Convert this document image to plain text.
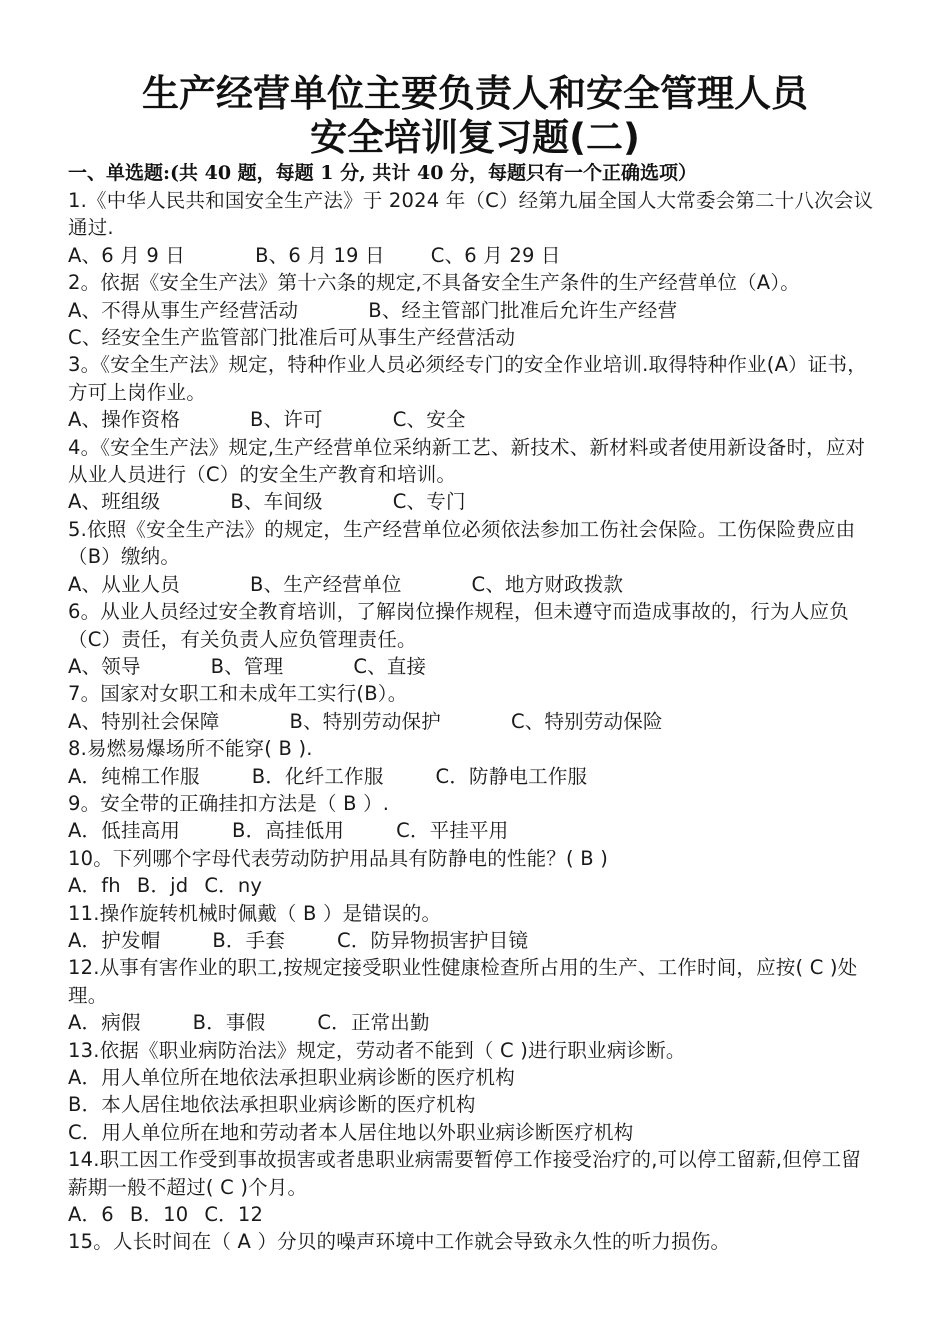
生产经营单位主要负责人和安全管理人员
安全培训复习题(二)
一、单选题:(共 40 题，每题 1 分, 共计 40 分，每题只有一个正确选项）
1.《中华人民共和国安全生产法》于 2024 年（C）经第九届全国人大常委会第二十八次会议通过.
A、6 月 9 日	B、6 月 19 日 C、6 月 29 日
2。依据《安全生产法》第十六条的规定,不具备安全生产条件的生产经营单位（A）。
A、不得从事生产经营活动	B、经主管部门批准后允许生产经营
C、经安全生产监管部门批准后可从事生产经营活动
3。《安全生产法》规定，特种作业人员必须经专门的安全作业培训.取得特种作业(A）证书，方可上岗作业。
A、操作资格	B、许可	C、安全
4。《安全生产法》规定,生产经营单位采纳新工艺、新技术、新材料或者使用新设备时，应对从业人员进行（C）的安全生产教育和培训。
A、班组级	B、车间级	C、专门
5.依照《安全生产法》的规定，生产经营单位必须依法参加工伤社会保险。工伤保险费应由（B）缴纳。
A、从业人员	B、生产经营单位	C、地方财政拨款
6。从业人员经过安全教育培训，了解岗位操作规程，但未遵守而造成事故的，行为人应负（C）责任，有关负责人应负管理责任。
A、领导	B、管理	C、直接
7。国家对女职工和未成年工实行(B）。
A、特别社会保障	B、特别劳动保护	C、特别劳动保险
8.易燃易爆场所不能穿( B ).
A．纯棉工作服	B．化纤工作服	C．防静电工作服
9。安全带的正确挂扣方法是（ B ）.
A．低挂高用	B．高挂低用	C．平挂平用
10。下列哪个字母代表劳动防护用品具有防静电的性能？( B )
A．fh B．jd C．ny
11.操作旋转机械时佩戴（ B ）是错误的。
A．护发帽	B．手套	C．防异物损害护目镜
12.从事有害作业的职工,按规定接受职业性健康检查所占用的生产、工作时间，应按( C )处理。
A．病假	B．事假	C．正常出勤
13.依据《职业病防治法》规定，劳动者不能到（ C )进行职业病诊断。
A．用人单位所在地依法承担职业病诊断的医疗机构
B．本人居住地依法承担职业病诊断的医疗机构
C．用人单位所在地和劳动者本人居住地以外职业病诊断医疗机构
14.职工因工作受到事故损害或者患职业病需要暂停工作接受治疗的,可以停工留薪,但停工留薪期一般不超过( C )个月。
A．6 B．10 C．12
15。人长时间在（ A ）分贝的噪声环境中工作就会导致永久性的听力损伤。
